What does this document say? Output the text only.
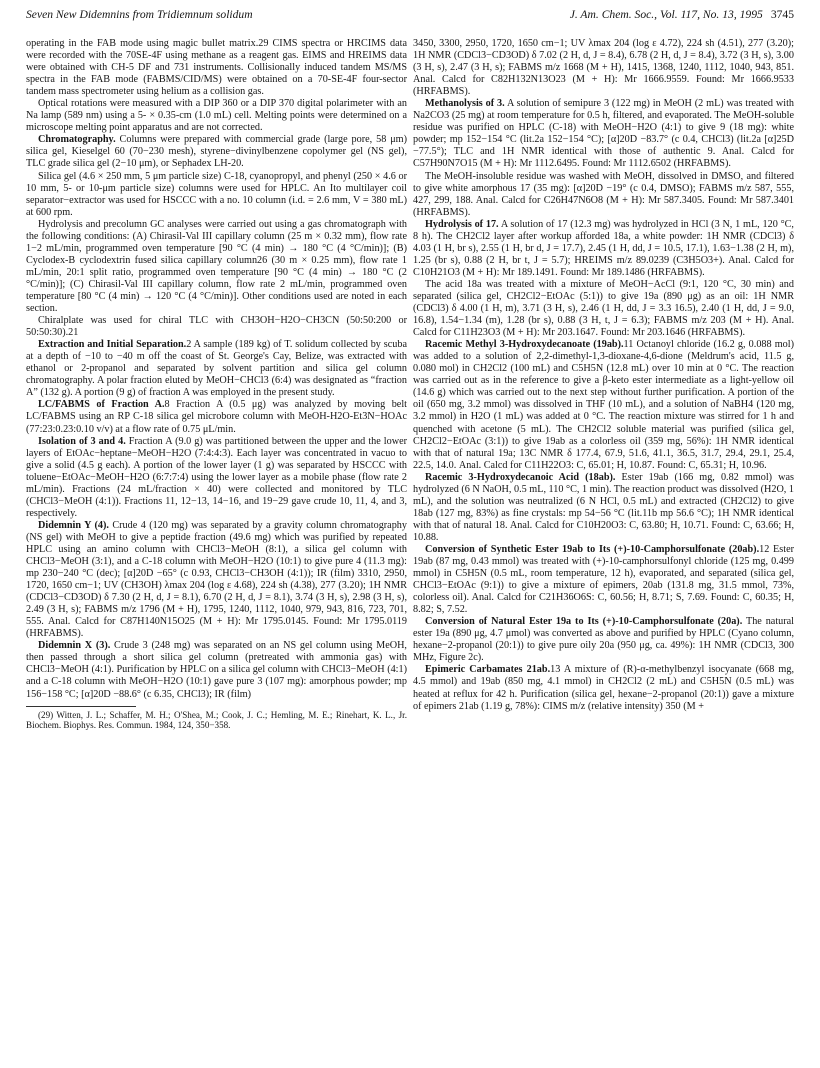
Seven New Didemnins from Tridiemnum solidum	J. Am. Chem. Soc., Vol. 117, No. 13, 1995 3745

operating in the FAB mode using magic bullet matrix.29 CIMS spectra or HRCIMS data were recorded with the 70SE-4F using methane as a reagent gas. EIMS and HREIMS data were obtained with CH-5 DF and 731 instruments. Collisionally induced tandem MS/MS spectra in the FAB mode (FABMS/CID/MS) were obtained on a 70-SE-4F four-sector tandem mass spectrometer using helium as a collision gas.

Optical rotations were measured with a DIP 360 or a DIP 370 digital polarimeter with an Na lamp (589 nm) using a 5- × 0.35-cm (1.0 mL) cell. Melting points were determined on a microscope melting point apparatus and are not corrected.

Chromatography. Columns were prepared with commercial grade (large pore, 58 μm) silica gel, Kieselgel 60 (70−230 mesh), styrene−divinylbenzene copolymer gel (NS gel), TLC grade silica gel (2−10 μm), or Sephadex LH-20.

Silica gel (4.6 × 250 mm, 5 μm particle size) C-18, cyanopropyl, and phenyl (250 × 4.6 or 10 mm, 5- or 10-μm particle size) columns were used for HPLC. An Ito multilayer coil separator−extractor was used for HSCCC with a no. 10 column (i.d. = 2.6 mm, V = 380 mL) at 600 rpm.

Hydrolysis and precolumn GC analyses were carried out using a gas chromatograph with the following conditions: (A) Chirasil-Val III capillary column (25 m × 0.32 mm), flow rate 1−2 mL/min, programmed oven temperature [90 °C (4 min) → 180 °C (4 °C/min)]; (B) Cyclodex-B cyclodextrin fused silica capillary column26 (30 m × 0.25 mm), flow rate 1 mL/min, 20:1 split ratio, programmed oven temperature [90 °C (4 min) → 180 °C (2 °C/min)]; (C) Chirasil-Val III capillary column, flow rate 2 mL/min, programmed oven temperature [80 °C (4 min) → 120 °C (4 °C/min)]. Other conditions used are noted in each section.

Chiralplate was used for chiral TLC with CH3OH−H2O−CH3CN (50:50:200 or 50:50:30).21

Extraction and Initial Separation.2 A sample (189 kg) of T. solidum collected by scuba at a depth of −10 to −40 m off the coast of St. George's Cay, Belize, was extracted with ethanol or 2-propanol and separated by solvent partition and silica gel column chromatography. A polar fraction eluted by MeOH−CHCl3 (6:4) was designated as “fraction A” (132 g). A portion (9 g) of fraction A was employed in the present study.

LC/FABMS of Fraction A.8 Fraction A (0.5 μg) was analyzed by moving belt LC/FABMS using an RP C-18 silica gel microbore column with MeOH-H2O-Et3N−HOAc (77:23:0.23:0.10 v/v) at a flow rate of 0.75 μL/min.

Isolation of 3 and 4. Fraction A (9.0 g) was partitioned between the upper and the lower layers of EtOAc−heptane−MeOH−H2O (7:4:4:3). Each layer was concentrated in vacuo to give a solid (4.5 g each). A portion of the lower layer (1 g) was separated by HSCCC with toluene−EtOAc−MeOH−H2O (6:7:7:4) using the lower layer as a mobile phase (flow rate 2 mL/min). Fractions (24 mL/fraction × 40) were collected and monitored by TLC (CHCl3−MeOH (4:1)). Fractions 11, 12−13, 14−16, and 19−29 gave crude 10, 11, 4, and 3, respectively.

Didemnin Y (4). Crude 4 (120 mg) was separated by a gravity column chromatography (NS gel) with MeOH to give a peptide fraction (49.6 mg) which was purified by repeated HPLC using an amino column with CHCl3−MeOH (8:1), a silica gel column with CHCl3−MeOH (3:1), and a C-18 column with MeOH−H2O (10:1) to give pure 4 (11.3 mg): mp 230−240 °C (dec); [α]20D −65° (c 0.93, CHCl3−CH3OH (4:1)); IR (film) 3310, 2950, 1720, 1650 cm−1; UV (CH3OH) λmax 204 (log ε 4.68), 224 sh (4.38), 277 (3.20); 1H NMR (CDCl3−CD3OD) δ 7.30 (2 H, d, J = 8.1), 6.70 (2 H, d, J = 8.1), 3.74 (3 H, s), 2.98 (3 H, s), 2.49 (3 H, s); FABMS m/z 1796 (M + H), 1795, 1240, 1112, 1040, 979, 943, 816, 723, 701, 555. Anal. Calcd for C87H140N15O25 (M + H): Mr 1795.0145. Found: Mr 1795.0119 (HRFABMS).

Didemnin X (3). Crude 3 (248 mg) was separated on an NS gel column using MeOH, then passed through a short silica gel column (pretreated with ammonia gas) with CHCl3−MeOH (4:1). Purification by HPLC on a silica gel column with CHCl3−MeOH (4:1) and a C-18 column with MeOH−H2O (10:1) gave pure 3 (107 mg): amorphous powder; mp 156−158 °C; [α]20D −88.6° (c 6.35, CHCl3); IR (film)

(29) Witten, J. L.; Schaffer, M. H.; O'Shea, M.; Cook, J. C.; Hemling, M. E.; Rinehart, K. L., Jr. Biochem. Biophys. Res. Commun. 1984, 124, 350−358.

3450, 3300, 2950, 1720, 1650 cm−1; UV λmax 204 (log ε 4.72), 224 sh (4.51), 277 (3.20); 1H NMR (CDCl3−CD3OD) δ 7.02 (2 H, d, J = 8.4), 6.78 (2 H, d, J = 8.4), 3.72 (3 H, s), 3.00 (3 H, s), 2.47 (3 H, s); FABMS m/z 1668 (M + H), 1415, 1368, 1240, 1112, 1040, 943, 851. Anal. Calcd for C82H132N13O23 (M + H): Mr 1666.9559. Found: Mr 1666.9533 (HRFABMS).

Methanolysis of 3. A solution of semipure 3 (122 mg) in MeOH (2 mL) was treated with Na2CO3 (25 mg) at room temperature for 0.5 h, filtered, and evaporated. The MeOH-soluble residue was purified on HPLC (C-18) with MeOH−H2O (4:1) to give 9 (18 mg): white powder; mp 152−154 °C (lit.2a 152−154 °C); [α]20D −83.7° (c 0.4, CHCl3) (lit.2a [α]25D −77.5°); TLC and 1H NMR identical with those of authentic 9. Anal. Calcd for C57H90N7O15 (M + H): Mr 1112.6495. Found: Mr 1112.6502 (HRFABMS).

The MeOH-insoluble residue was washed with MeOH, dissolved in DMSO, and filtered to give white amorphous 17 (35 mg): [α]20D −19° (c 0.4, DMSO); FABMS m/z 587, 555, 427, 299, 188. Anal. Calcd for C26H47N6O8 (M + H): Mr 587.3405. Found: Mr 587.3401 (HRFABMS).

Hydrolysis of 17. A solution of 17 (12.3 mg) was hydrolyzed in HCl (3 N, 1 mL, 120 °C, 8 h). The CH2Cl2 layer after workup afforded 18a, a white powder: 1H NMR (CDCl3) δ 4.03 (1 H, br s), 2.55 (1 H, br d, J = 17.7), 2.45 (1 H, dd, J = 10.5, 17.1), 1.63−1.38 (2 H, m), 1.25 (br s), 0.88 (2 H, br t, J = 5.7); HREIMS m/z 89.0239 (C3H5O3+). Anal. Calcd for C10H21O3 (M + H): Mr 189.1491. Found: Mr 189.1486 (HRFABMS).

The acid 18a was treated with a mixture of MeOH−AcCl (9:1, 120 °C, 30 min) and separated (silica gel, CH2Cl2−EtOAc (5:1)) to give 19a (890 μg) as an oil: 1H NMR (CDCl3) δ 4.00 (1 H, m), 3.71 (3 H, s), 2.46 (1 H, dd, J = 3.3 16.5), 2.40 (1 H, dd, J = 9.0, 16.8), 1.54−1.34 (m), 1.28 (br s), 0.88 (3 H, t, J = 6.3); FABMS m/z 203 (M + H). Anal. Calcd for C11H23O3 (M + H): Mr 203.1647. Found: Mr 203.1646 (HRFABMS).

Racemic Methyl 3-Hydroxydecanoate (19ab).11 Octanoyl chloride (16.2 g, 0.088 mol) was added to a solution of 2,2-dimethyl-1,3-dioxane-4,6-dione (Meldrum's acid, 11.5 g, 0.080 mol) in CH2Cl2 (100 mL) and C5H5N (12.8 mL) over 10 min at 0 °C. The reaction was carried out as in the reference to give a β-keto ester intermediate as a light-yellow oil (14.6 g) which was carried out to the next step without further purification. A portion of the oil (650 mg, 3.2 mmol) was dissolved in THF (10 mL), and a solution of NaBH4 (120 mg, 3.2 mmol) in H2O (1 mL) was added at 0 °C. The reaction mixture was stirred for 1 h and quenched with acetone (5 mL). The CH2Cl2 soluble material was purified (silica gel, CH2Cl2−EtOAc (3:1)) to give 19ab as a colorless oil (359 mg, 56%): 1H NMR identical with that of natural 19a; 13C NMR δ 177.4, 67.9, 51.6, 41.1, 36.5, 31.7, 29.4, 29.1, 25.4, 22.5, 14.0. Anal. Calcd for C11H22O3: C, 65.01; H, 10.87. Found: C, 65.31; H, 10.96.

Racemic 3-Hydroxydecanoic Acid (18ab). Ester 19ab (166 mg, 0.82 mmol) was hydrolyzed (6 N NaOH, 0.5 mL, 110 °C, 1 min). The reaction product was dissolved (H2O, 1 mL), and the solution was neutralized (6 N HCl, 0.5 mL) and extracted (CH2Cl2) to give 18ab (127 mg, 83%) as fine crystals: mp 54−56 °C (lit.11b mp 56.6 °C); 1H NMR identical with that of natural 18. Anal. Calcd for C10H20O3: C, 63.80; H, 10.71. Found: C, 63.66; H, 10.88.

Conversion of Synthetic Ester 19ab to Its (+)-10-Camphorsulfonate (20ab).12 Ester 19ab (87 mg, 0.43 mmol) was treated with (+)-10-camphorsulfonyl chloride (125 mg, 0.499 mmol) in C5H5N (0.5 mL, room temperature, 12 h), evaporated, and separated (silica gel, CHCl3−EtOAc (9:1)) to give a mixture of epimers, 20ab (131.8 mg, 31.5 mmol, 73%, colorless oil). Anal. Calcd for C21H36O6S: C, 60.56; H, 8.71; S, 7.69. Found: C, 60.35; H, 8.82; S, 7.52.

Conversion of Natural Ester 19a to Its (+)-10-Camphorsulfonate (20a). The natural ester 19a (890 μg, 4.7 μmol) was converted as above and purified by HPLC (Cyano column, hexane−2-propanol (20:1)) to give pure oily 20a (950 μg, ca. 49%): 1H NMR (CDCl3, 300 MHz, Figure 2c).

Epimeric Carbamates 21ab.13 A mixture of (R)-α-methylbenzyl isocyanate (668 mg, 4.5 mmol) and 19ab (850 mg, 4.1 mmol) in CH2Cl2 (2 mL) and C5H5N (0.5 mL) was heated at reflux for 42 h. Purification (silica gel, hexane−2-propanol (20:1)) gave a mixture of epimers 21ab (1.19 g, 78%): CIMS m/z (relative intensity) 350 (M +
